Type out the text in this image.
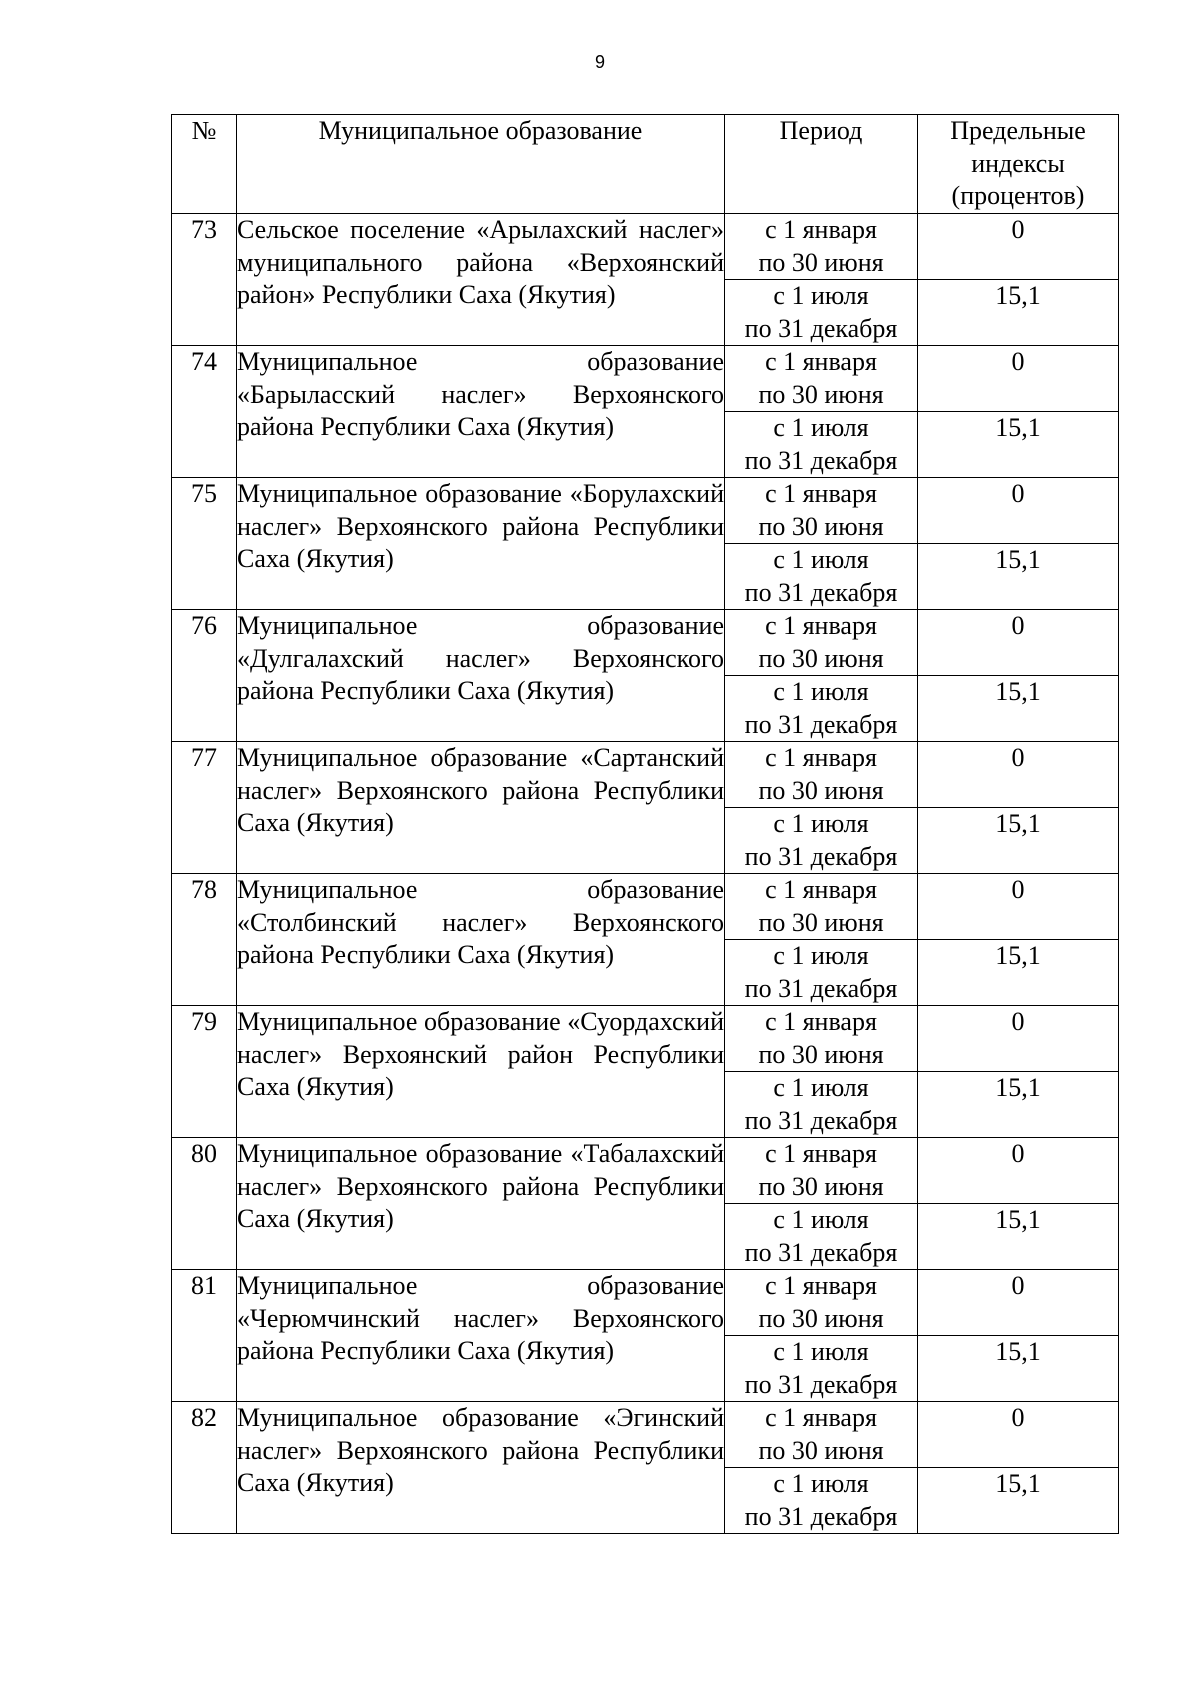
9
№	Муниципальное образование	Период	Предельные
индексы
(процентов)

73	Сельское поселение «Арылахский наслег» муниципального района «Верхоянский район» Республики Саха (Якутия)	с 1 января
по 30 июня	0

		с 1 июля
по 31 декабря	15,1
74	Муниципальное образование «Барыласский наслег» Верхоянского района Республики Саха (Якутия)	с 1 января
по 30 июня	0

		с 1 июля
по 31 декабря	15,1
75	Муниципальное образование «Борулахский наслег» Верхоянского района Республики Саха (Якутия)	с 1 января
по 30 июня	0

		с 1 июля
по 31 декабря	15,1
76	Муниципальное образование «Дулгалахский наслег» Верхоянского района Республики Саха (Якутия)	с 1 января
по 30 июня	0

		с 1 июля
по 31 декабря	15,1
77	Муниципальное образование «Сартанский наслег» Верхоянского района Республики Саха (Якутия)	с 1 января
по 30 июня	0

		с 1 июля
по 31 декабря	15,1
78	Муниципальное образование «Столбинский наслег» Верхоянского района Республики Саха (Якутия)	с 1 января
по 30 июня	0

		с 1 июля
по 31 декабря	15,1
79	Муниципальное образование «Суордахский наслег» Верхоянский район Республики Саха (Якутия)	с 1 января
по 30 июня	0

		с 1 июля
по 31 декабря	15,1
80	Муниципальное образование «Табалахский наслег» Верхоянского района Республики Саха (Якутия)	с 1 января
по 30 июня	0

		с 1 июля
по 31 декабря	15,1
81	Муниципальное образование «Черюмчинский наслег» Верхоянского района Республики Саха (Якутия)	с 1 января
по 30 июня	0

		с 1 июля
по 31 декабря	15,1
82	Муниципальное образование «Эгинский наслег» Верхоянского района Республики Саха (Якутия)	с 1 января
по 30 июня	0

		с 1 июля
по 31 декабря	15,1
